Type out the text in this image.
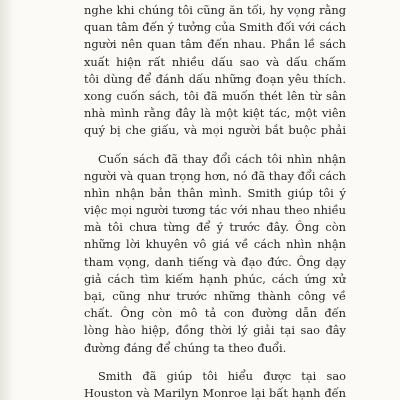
nghe khi chúng tôi cũng ăn tối, hy vọng rằng
quan tâm đến ý tưởng của Smith đối với cách
người nên quan tâm đến nhau. Phần lề sách
xuất hiện rất nhiều dấu sao và dấu chấm
tôi dùng để đánh dấu những đoạn yêu thích.
xong cuốn sách, tôi đã muốn thét lên từ sân
nhà mình rằng đây là một kiệt tác, một viên
quý bị che giấu, và mọi người bắt buộc phải
Cuốn sách đã thay đổi cách tôi nhìn nhận
người và quan trọng hơn, nó đã thay đổi cách
nhìn nhận bản thân mình. Smith giúp tôi ý
việc mọi người tương tác với nhau theo nhiều
mà tôi chưa từng để ý trước đây. Ông còn
những lời khuyên vô giá về cách nhìn nhận
tham vọng, danh tiếng và đạo đức. Ông dạy
giả cách tìm kiếm hạnh phúc, cách ứng xử
bại, cũng như trước những thành công về
chất. Ông còn mô tả con đường dẫn đến
lòng hào hiệp, đồng thời lý giải tại sao đây
đường đáng để chúng ta theo đuổi.
Smith đã giúp tôi hiểu được tại sao
Houston và Marilyn Monroe lại bất hạnh đến
